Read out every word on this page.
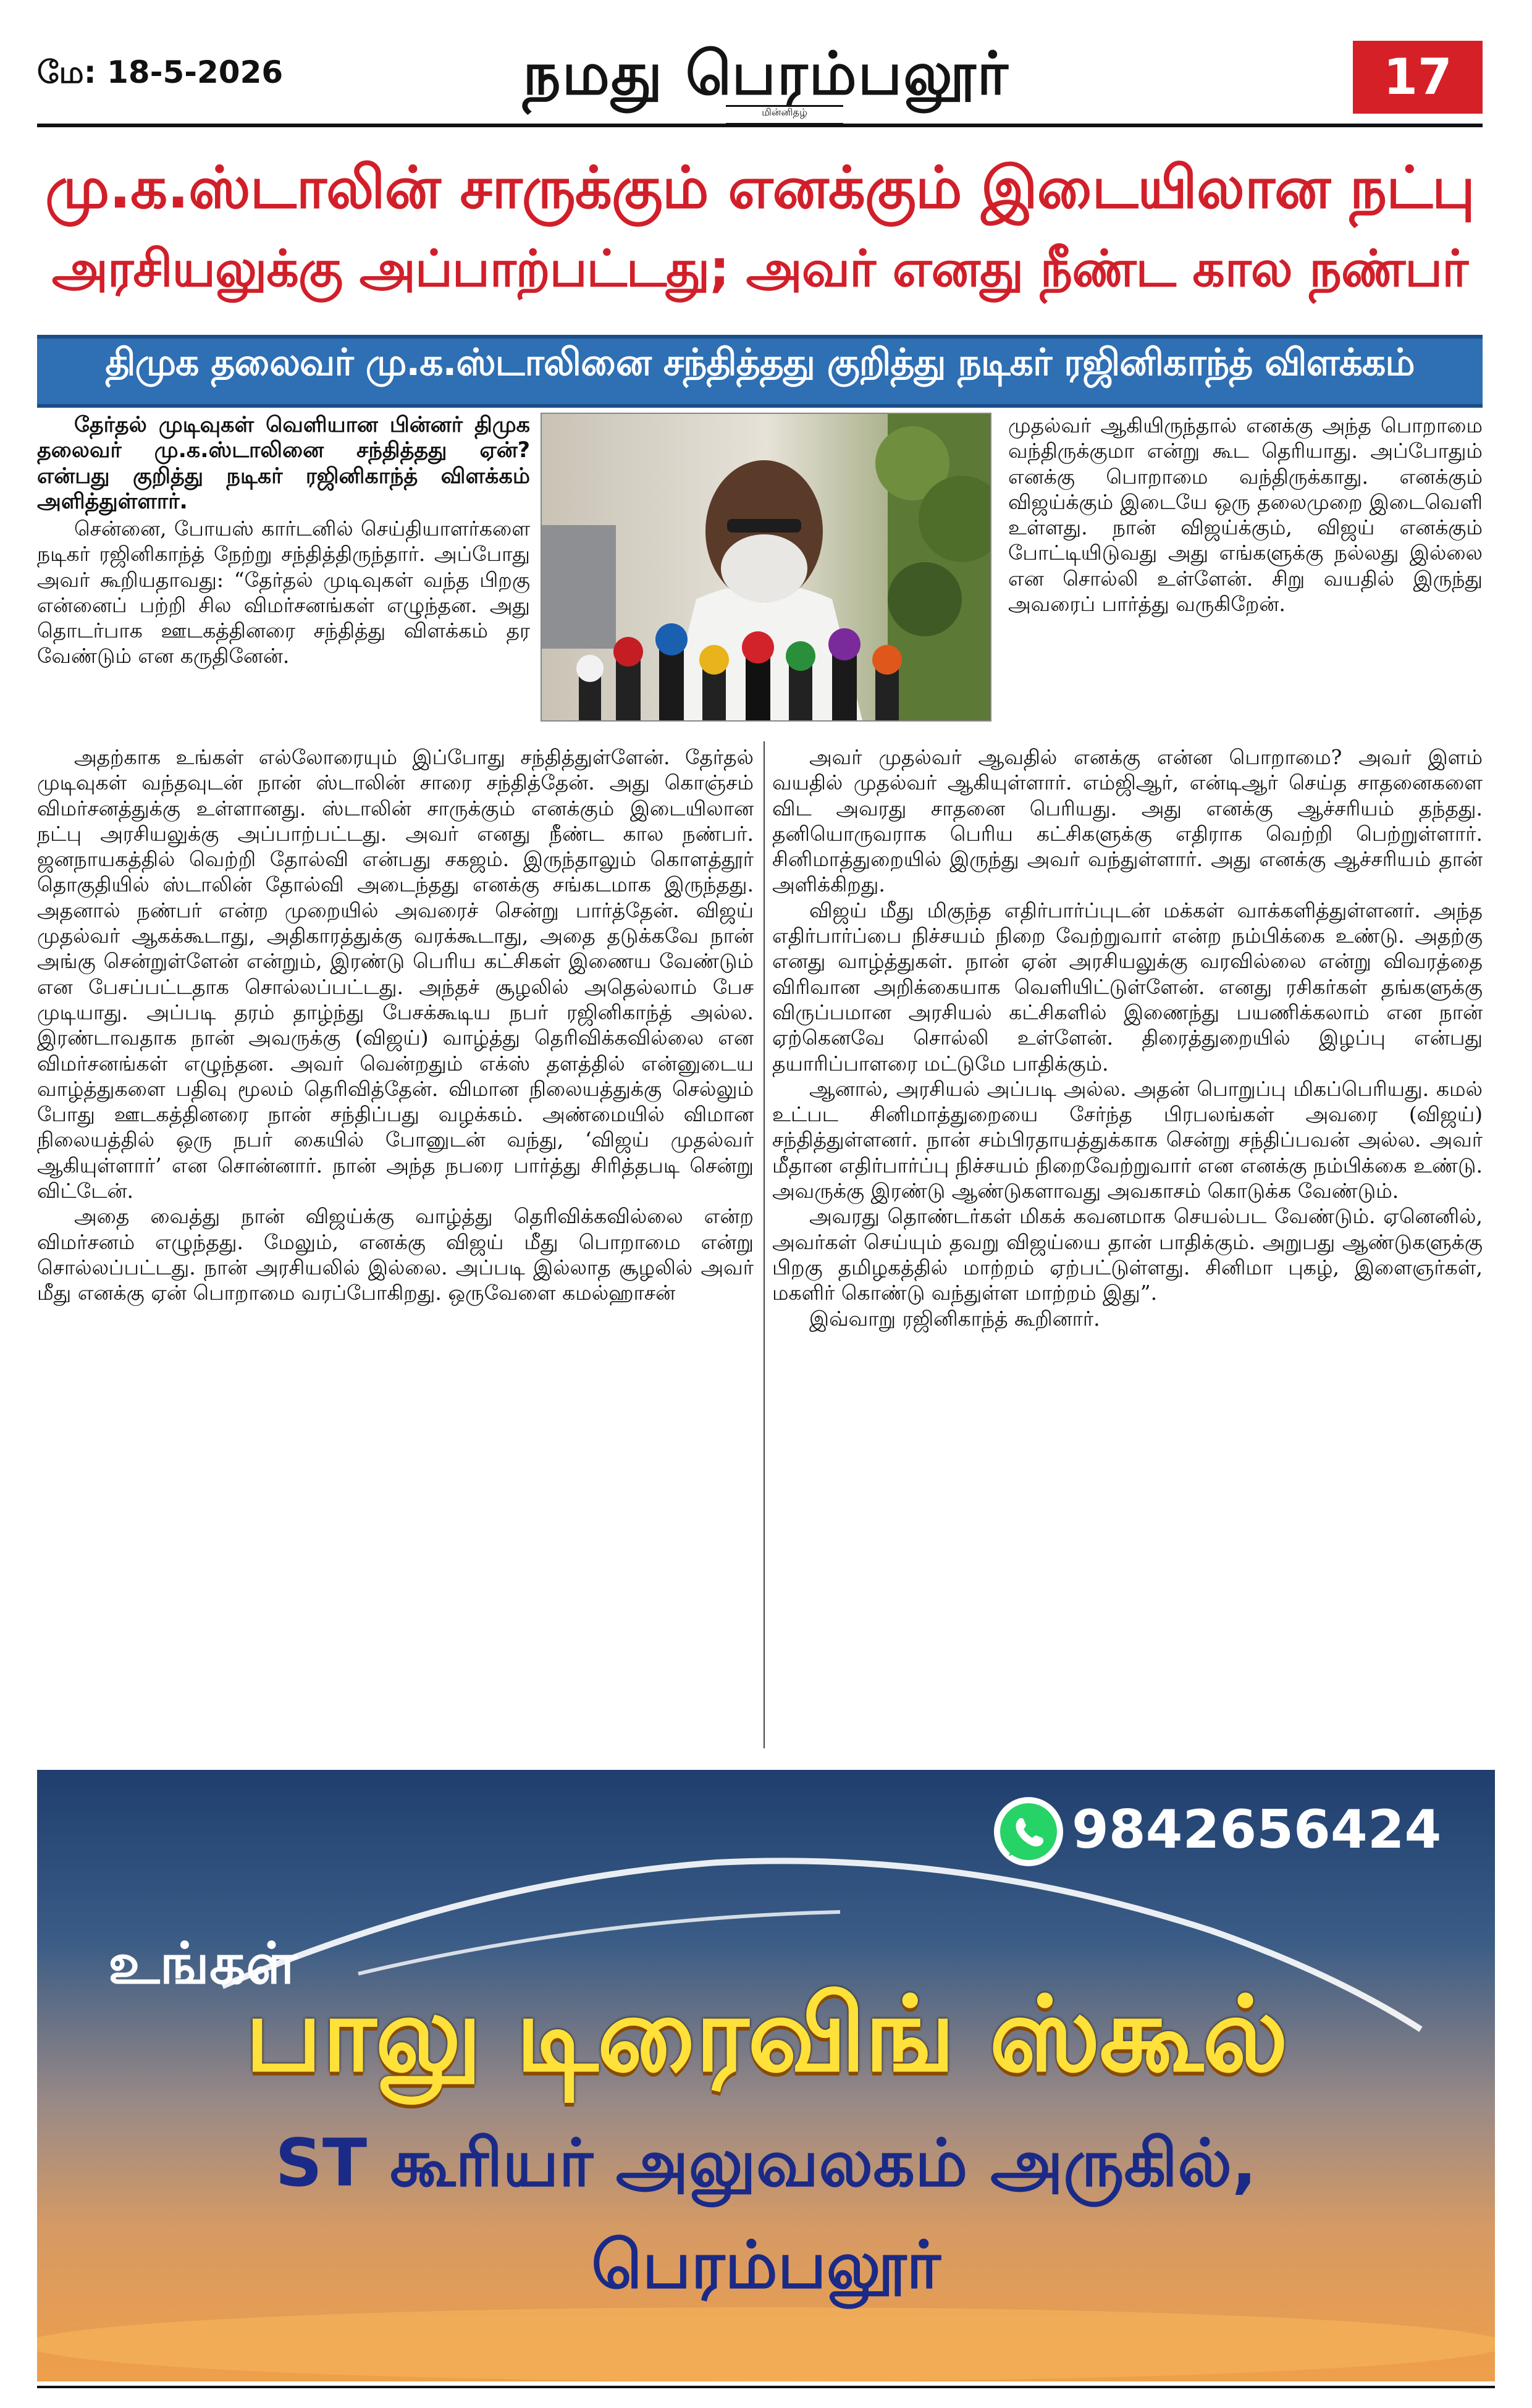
மே: 18-5-2026	நமது பெரம்பலூர்
மின்னிதழ்
17
மு.க.ஸ்டாலின் சாருக்கும் எனக்கும் இடையிலான நட்பு
அரசியலுக்கு அப்பாற்பட்டது; அவர் எனது நீண்ட கால நண்பர்
திமுக தலைவர் மு.க.ஸ்டாலினை சந்தித்தது குறித்து நடிகர் ரஜினிகாந்த் விளக்கம்

தேர்தல் முடிவுகள் வெளியான பின்னர் திமுக தலைவர் மு.க.ஸ்டாலினை சந்தித்தது ஏன்? என்பது குறித்து நடிகர் ரஜினிகாந்த் விளக்கம் அளித்துள்ளார்.

சென்னை, போயஸ் கார்டனில் செய்தியாளர்களை நடிகர் ரஜினிகாந்த் நேற்று சந்தித்திருந்தார். அப்போது அவர் கூறியதாவது: “தேர்தல் முடிவுகள் வந்த பிறகு என்னைப் பற்றி சில விமர்சனங்கள் எழுந்தன. அது தொடர்பாக ஊடகத்தினரை சந்தித்து விளக்கம் தர வேண்டும் என கருதினேன்.

அதற்காக உங்கள் எல்லோரையும் இப்போது சந்தித்துள்ளேன். தேர்தல் முடிவுகள் வந்தவுடன் நான் ஸ்டாலின் சாரை சந்தித்தேன். அது கொஞ்சம் விமர்சனத்துக்கு உள்ளானது. ஸ்டாலின் சாருக்கும் எனக்கும் இடையிலான நட்பு அரசியலுக்கு அப்பாற்பட்டது. அவர் எனது நீண்ட கால நண்பர். ஜனநாயகத்தில் வெற்றி தோல்வி என்பது சகஜம். இருந்தாலும் கொளத்தூர் தொகுதியில் ஸ்டாலின் தோல்வி அடைந்தது எனக்கு சங்கடமாக இருந்தது. அதனால் நண்பர் என்ற முறையில் அவரைச் சென்று பார்த்தேன். விஜய் முதல்வர் ஆகக்கூடாது, அதிகாரத்துக்கு வரக்கூடாது, அதை தடுக்கவே நான் அங்கு சென்றுள்ளேன் என்றும், இரண்டு பெரிய கட்சிகள் இணைய வேண்டும் என பேசப்பட்டதாக சொல்லப்பட்டது. அந்தச் சூழலில் அதெல்லாம் பேச முடியாது. அப்படி தரம் தாழ்ந்து பேசக்கூடிய நபர் ரஜினிகாந்த் அல்ல. இரண்டாவதாக நான் அவருக்கு (விஜய்) வாழ்த்து தெரிவிக்கவில்லை என விமர்சனங்கள் எழுந்தன. அவர் வென்றதும் எக்ஸ் தளத்தில் என்னுடைய வாழ்த்துகளை பதிவு மூலம் தெரிவித்தேன். விமான நிலையத்துக்கு செல்லும் போது ஊடகத்தினரை நான் சந்திப்பது வழக்கம். அண்மையில் விமான நிலையத்தில் ஒரு நபர் கையில் போனுடன் வந்து, ‘விஜய் முதல்வர் ஆகியுள்ளார்’ என சொன்னார். நான் அந்த நபரை பார்த்து சிரித்தபடி சென்று விட்டேன்.

அதை வைத்து நான் விஜய்க்கு வாழ்த்து தெரிவிக்கவில்லை என்ற விமர்சனம் எழுந்தது. மேலும், எனக்கு விஜய் மீது பொறாமை என்று சொல்லப்பட்டது. நான் அரசியலில் இல்லை. அப்படி இல்லாத சூழலில் அவர் மீது எனக்கு ஏன் பொறாமை வரப்போகிறது. ஒருவேளை கமல்ஹாசன்

முதல்வர் ஆகியிருந்தால் எனக்கு அந்த பொறாமை வந்திருக்குமா என்று கூட தெரியாது. அப்போதும் எனக்கு பொறாமை வந்திருக்காது. எனக்கும் விஜய்க்கும் இடையே ஒரு தலைமுறை இடைவெளி உள்ளது. நான் விஜய்க்கும், விஜய் எனக்கும் போட்டியிடுவது அது எங்களுக்கு நல்லது இல்லை என சொல்லி உள்ளேன். சிறு வயதில் இருந்து அவரைப் பார்த்து வருகிறேன்.

அவர் முதல்வர் ஆவதில் எனக்கு என்ன பொறாமை? அவர் இளம் வயதில் முதல்வர் ஆகியுள்ளார். எம்ஜிஆர், என்டிஆர் செய்த சாதனைகளை விட அவரது சாதனை பெரியது. அது எனக்கு ஆச்சரியம் தந்தது. தனியொருவராக பெரிய கட்சிகளுக்கு எதிராக வெற்றி பெற்றுள்ளார். சினிமாத்துறையில் இருந்து அவர் வந்துள்ளார். அது எனக்கு ஆச்சரியம் தான் அளிக்கிறது.

விஜய் மீது மிகுந்த எதிர்பார்ப்புடன் மக்கள் வாக்களித்துள்ளனர். அந்த எதிர்பார்ப்பை நிச்சயம் நிறை வேற்றுவார் என்ற நம்பிக்கை உண்டு. அதற்கு எனது வாழ்த்துகள். நான் ஏன் அரசியலுக்கு வரவில்லை என்று விவரத்தை விரிவான அறிக்கையாக வெளியிட்டுள்ளேன். எனது ரசிகர்கள் தங்களுக்கு விருப்பமான அரசியல் கட்சிகளில் இணைந்து பயணிக்கலாம் என நான் ஏற்கெனவே சொல்லி உள்ளேன். திரைத்துறையில் இழப்பு என்பது தயாரிப்பாளரை மட்டுமே பாதிக்கும்.

ஆனால், அரசியல் அப்படி அல்ல. அதன் பொறுப்பு மிகப்பெரியது. கமல் உட்பட சினிமாத்துறையை சேர்ந்த பிரபலங்கள் அவரை (விஜய்) சந்தித்துள்ளனர். நான் சம்பிரதாயத்துக்காக சென்று சந்திப்பவன் அல்ல. அவர் மீதான எதிர்பார்ப்பு நிச்சயம் நிறைவேற்றுவார் என எனக்கு நம்பிக்கை உண்டு. அவருக்கு இரண்டு ஆண்டுகளாவது அவகாசம் கொடுக்க வேண்டும்.

அவரது தொண்டர்கள் மிகக் கவனமாக செயல்பட வேண்டும். ஏனெனில், அவர்கள் செய்யும் தவறு விஜய்யை தான் பாதிக்கும். அறுபது ஆண்டுகளுக்கு பிறகு தமிழகத்தில் மாற்றம் ஏற்பட்டுள்ளது. சினிமா புகழ், இளைஞர்கள், மகளிர் கொண்டு வந்துள்ள மாற்றம் இது”.

இவ்வாறு ரஜினிகாந்த் கூறினார்.

9842656424
உங்கள்
பாலு டிரைவிங் ஸ்கூல்
ST கூரியர் அலுவலகம் அருகில்,
பெரம்பலூர்
